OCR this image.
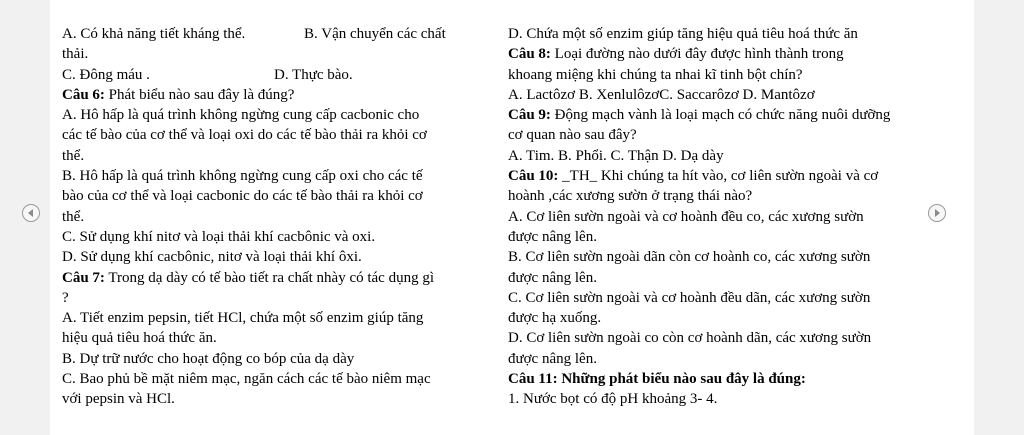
A. Có khả năng tiết kháng thể.	B. Vận chuyển các chất
thải.
C. Đông máu .	D. Thực bào.
Câu 6: Phát biểu nào sau đây là đúng?
A. Hô hấp là quá trình không ngừng cung cấp cacbonic cho
các tế bào của cơ thể và loại oxi do các tế bào thải ra khỏi cơ
thể.
B. Hô hấp là quá trình không ngừng cung cấp oxi cho các tế
bào của cơ thể và loại cacbonic do các tế bào thải ra khỏi cơ
thể.
C. Sử dụng khí nitơ và loại thải khí cacbônic và oxi.
D. Sử dụng khí cacbônic, nitơ và loại thải khí ôxi.
Câu 7: Trong dạ dày có tế bào tiết ra chất nhày có tác dụng gì
?
A. Tiết enzim pepsin, tiết HCl, chứa một số enzim giúp tăng
hiệu quả tiêu hoá thức ăn.
B. Dự trữ nước cho hoạt động co bóp của dạ dày
C. Bao phủ bề mặt niêm mạc, ngăn cách các tế bào niêm mạc
với pepsin và HCl.
D. Chứa một số enzim giúp tăng hiệu quả tiêu hoá thức ăn
Câu 8: Loại đường nào dưới đây được hình thành trong
khoang miệng khi chúng ta nhai kĩ tinh bột chín?
A. Lactôzơ B. XenlulôzơC. Saccarôzơ D. Mantôzơ
Câu 9: Động mạch vành là loại mạch có chức năng nuôi dưỡng
cơ quan nào sau đây?
A. Tim. B. Phổi. C. Thận D. Dạ dày
Câu 10: _TH_ Khi chúng ta hít vào, cơ liên sườn ngoài và cơ
hoành ,các xương sườn ở trạng thái nào?
A. Cơ liên sườn ngoài và cơ hoành đều co, các xương sườn
được nâng lên.
B. Cơ liên sườn ngoài dãn còn cơ hoành co, các xương sườn
được nâng lên.
C. Cơ liên sườn ngoài và cơ hoành đều dãn, các xương sườn
được hạ xuống.
D. Cơ liên sườn ngoài co còn cơ hoành dãn, các xương sườn
được nâng lên.
Câu 11: Những phát biểu nào sau đây là đúng:
1. Nước bọt có độ pH khoảng 3- 4.
